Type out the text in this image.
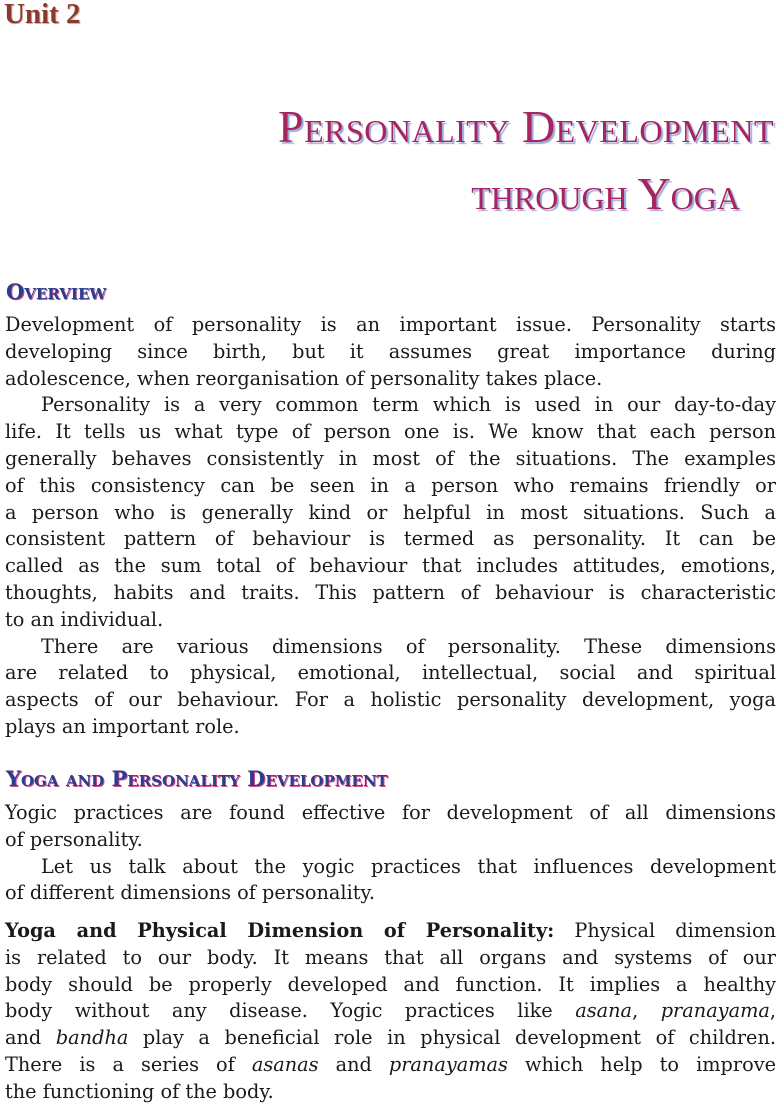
Unit 2
Personality Development
through Yoga
Overview
Development of personality is an important issue. Personality starts
developing since birth, but it assumes great importance during
adolescence, when reorganisation of personality takes place.
Personality is a very common term which is used in our day-to-day
life. It tells us what type of person one is. We know that each person
generally behaves consistently in most of the situations. The examples
of this consistency can be seen in a person who remains friendly or
a person who is generally kind or helpful in most situations. Such a
consistent pattern of behaviour is termed as personality. It can be
called as the sum total of behaviour that includes attitudes, emotions,
thoughts, habits and traits. This pattern of behaviour is characteristic
to an individual.
There are various dimensions of personality. These dimensions
are related to physical, emotional, intellectual, social and spiritual
aspects of our behaviour. For a holistic personality development, yoga
plays an important role.
Yoga and Personality Development
Yogic practices are found effective for development of all dimensions
of personality.
Let us talk about the yogic practices that influences development
of different dimensions of personality.
Yoga and Physical Dimension of Personality: Physical dimension
is related to our body. It means that all organs and systems of our
body should be properly developed and function. It implies a healthy
body without any disease. Yogic practices like asana, pranayama,
and bandha play a beneficial role in physical development of children.
There is a series of asanas and pranayamas which help to improve
the functioning of the body.
